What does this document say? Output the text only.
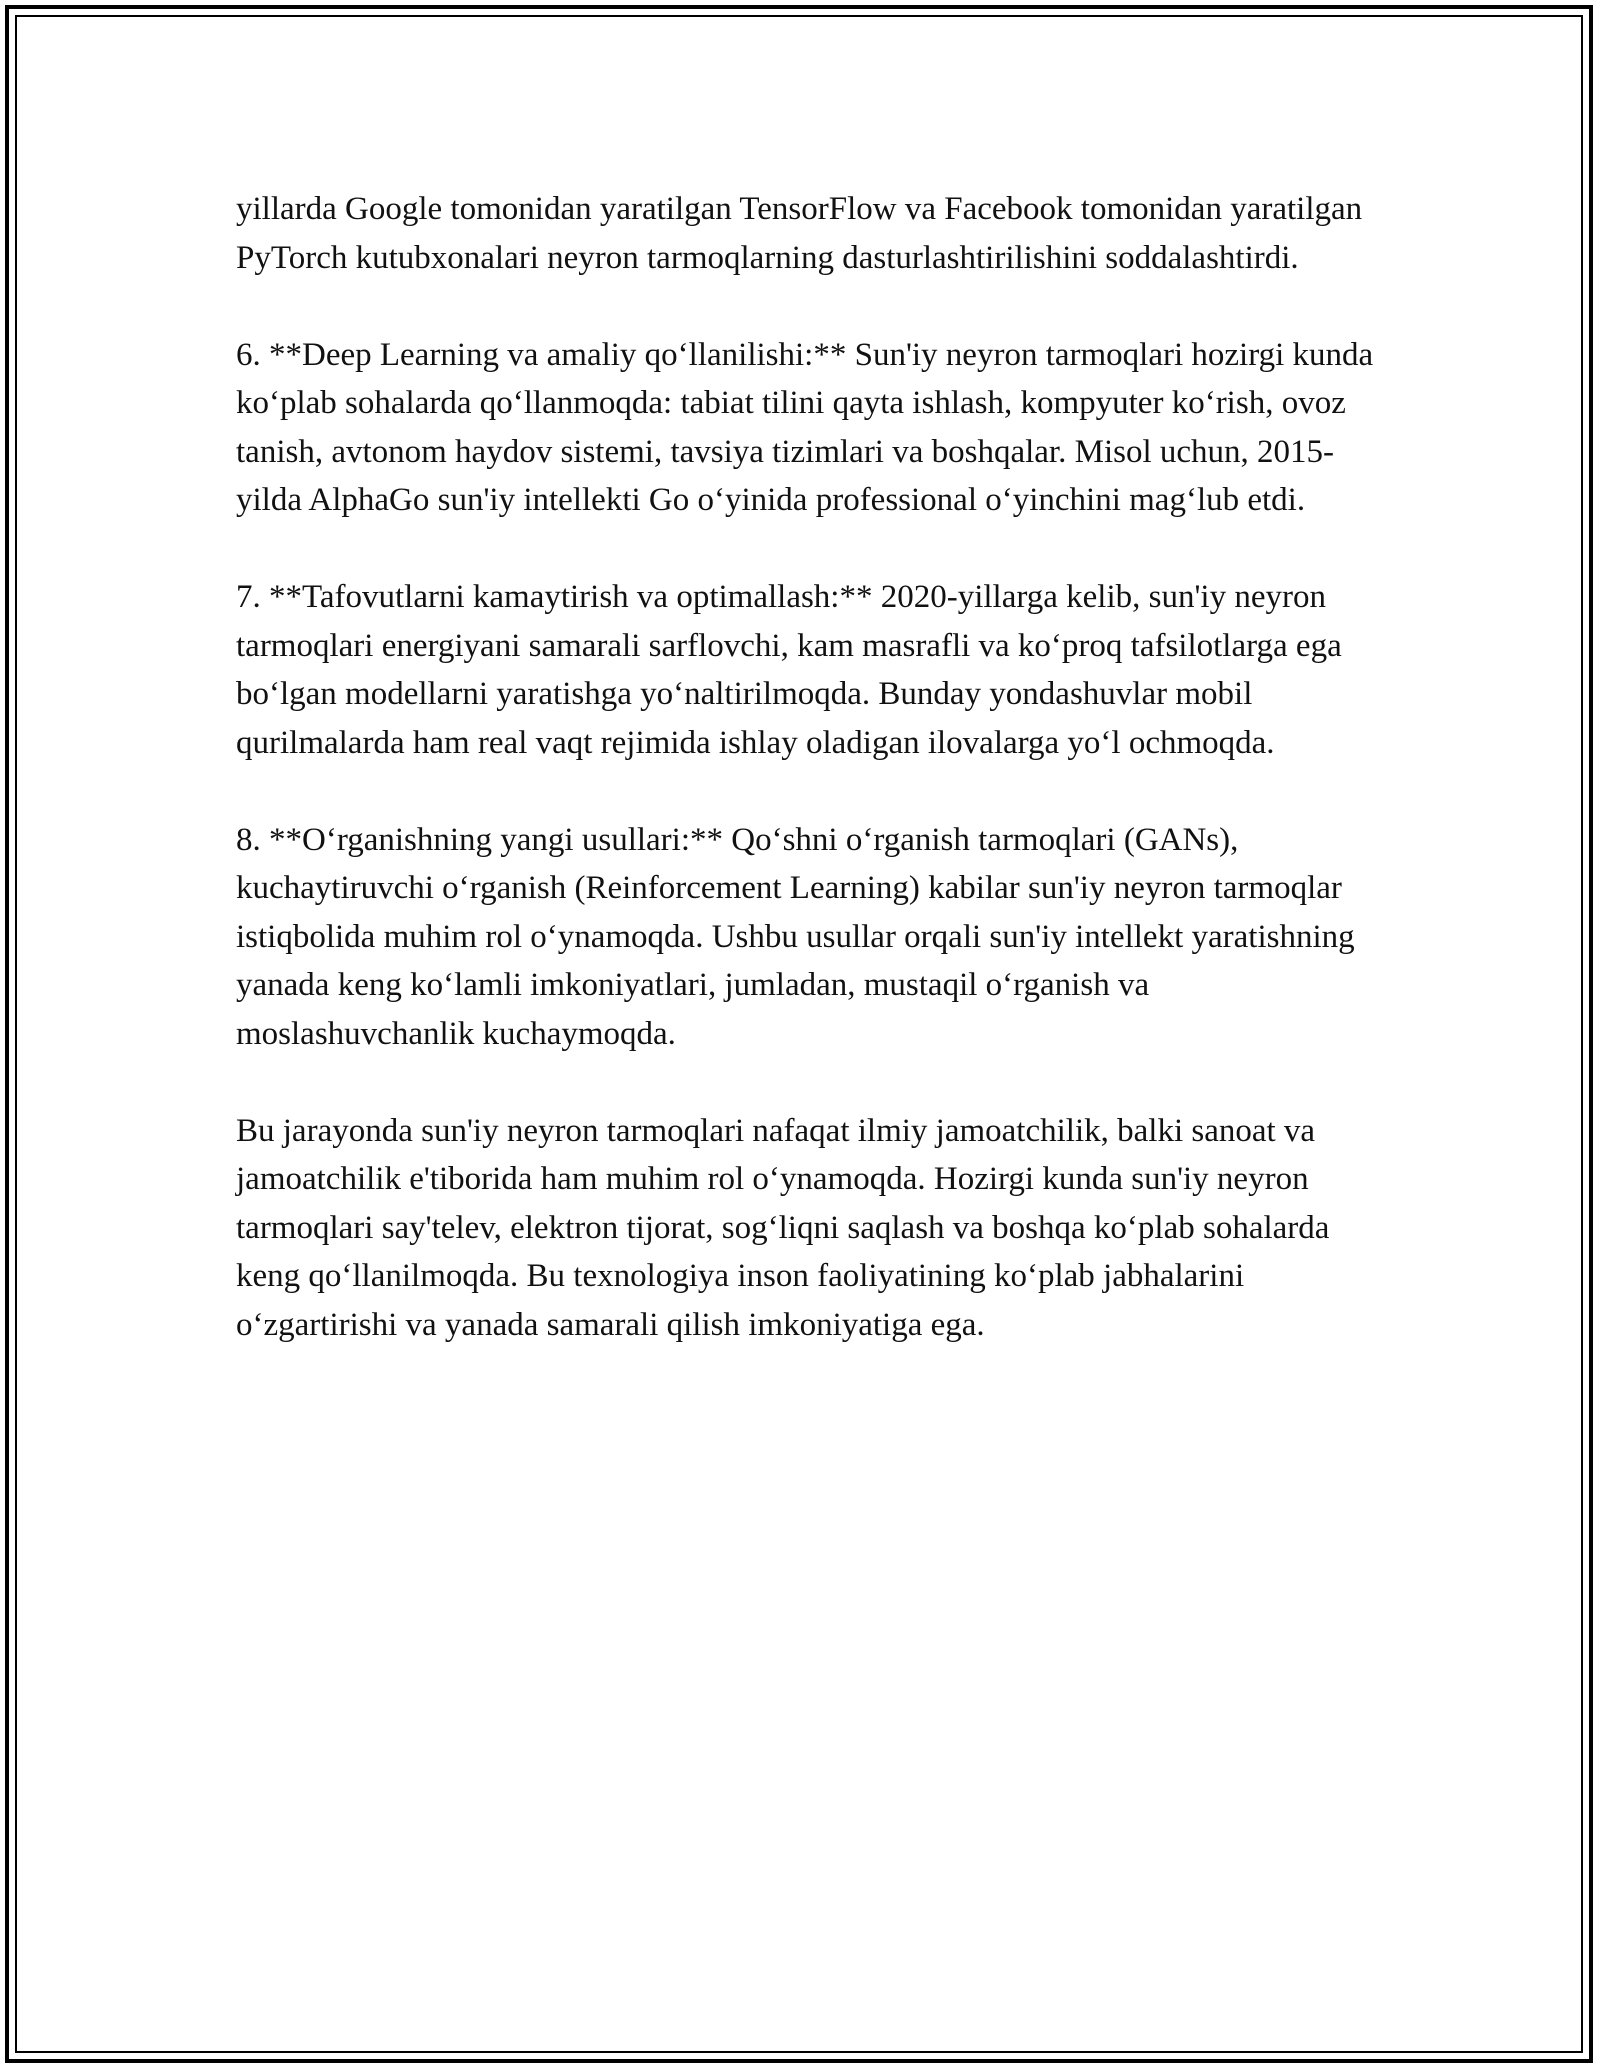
yillarda Google tomonidan yaratilgan TensorFlow va Facebook tomonidan yaratilgan PyTorch kutubxonalari neyron tarmoqlarning dasturlashtirilishini soddalashtirdi.

6. **Deep Learning va amaliy qo‘llanilishi:** Sun'iy neyron tarmoqlari hozirgi kunda ko‘plab sohalarda qo‘llanmoqda: tabiat tilini qayta ishlash, kompyuter ko‘rish, ovoz tanish, avtonom haydov sistemi, tavsiya tizimlari va boshqalar. Misol uchun, 2015-yilda AlphaGo sun'iy intellekti Go o‘yinida professional o‘yinchini mag‘lub etdi.

7. **Tafovutlarni kamaytirish va optimallash:** 2020-yillarga kelib, sun'iy neyron tarmoqlari energiyani samarali sarflovchi, kam masrafli va ko‘proq tafsilotlarga ega bo‘lgan modellarni yaratishga yo‘naltirilmoqda. Bunday yondashuvlar mobil qurilmalarda ham real vaqt rejimida ishlay oladigan ilovalarga yo‘l ochmoqda.

8. **O‘rganishning yangi usullari:** Qo‘shni o‘rganish tarmoqlari (GANs), kuchaytiruvchi o‘rganish (Reinforcement Learning) kabilar sun'iy neyron tarmoqlar istiqbolida muhim rol o‘ynamoqda. Ushbu usullar orqali sun'iy intellekt yaratishning yanada keng ko‘lamli imkoniyatlari, jumladan, mustaqil o‘rganish va moslashuvchanlik kuchaymoqda.

Bu jarayonda sun'iy neyron tarmoqlari nafaqat ilmiy jamoatchilik, balki sanoat va jamoatchilik e'tiborida ham muhim rol o‘ynamoqda. Hozirgi kunda sun'iy neyron tarmoqlari say'telev, elektron tijorat, sog‘liqni saqlash va boshqa ko‘plab sohalarda keng qo‘llanilmoqda. Bu texnologiya inson faoliyatining ko‘plab jabhalarini o‘zgartirishi va yanada samarali qilish imkoniyatiga ega.
